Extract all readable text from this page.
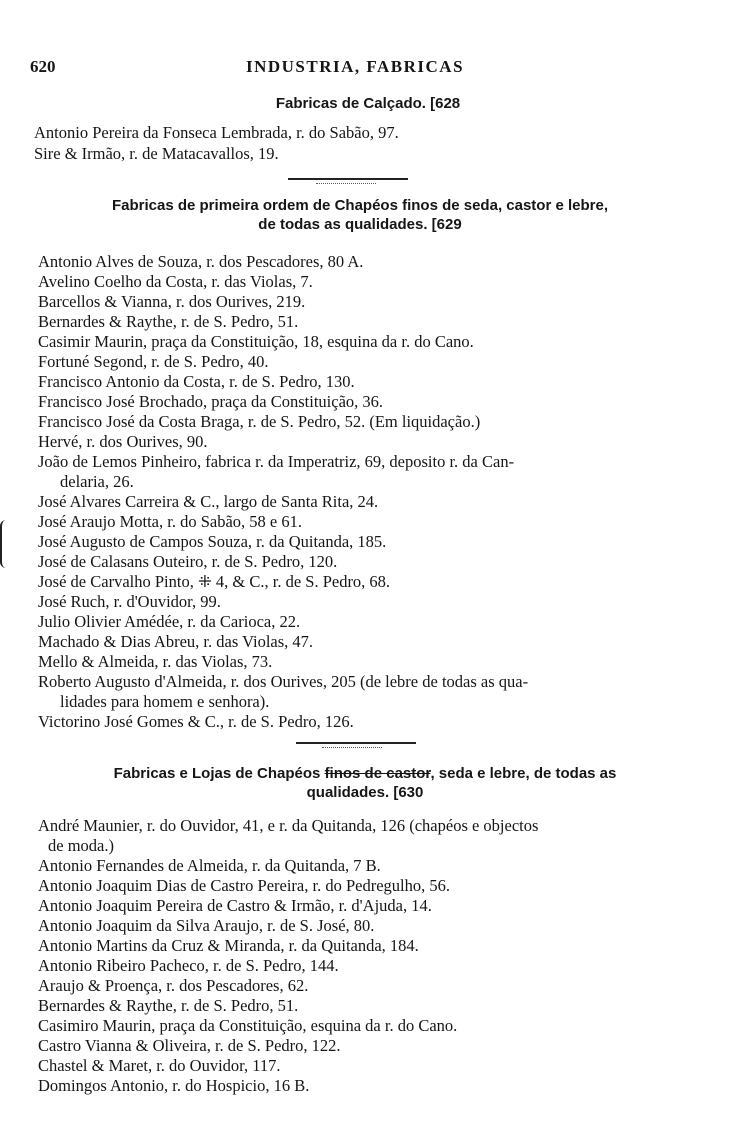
620	INDUSTRIA, FABRICAS
Fabricas de Calçado. [628
Antonio Pereira da Fonseca Lembrada, r. do Sabão, 97.
Sire & Irmão, r. de Matacavallos, 19.
Fabricas de primeira ordem de Chapéos finos de seda, castor e lebre,
de todas as qualidades. [629
Antonio Alves de Souza, r. dos Pescadores, 80 A.
Avelino Coelho da Costa, r. das Violas, 7.
Barcellos & Vianna, r. dos Ourives, 219.
Bernardes & Raythe, r. de S. Pedro, 51.
Casimir Maurin, praça da Constituição, 18, esquina da r. do Cano.
Fortuné Segond, r. de S. Pedro, 40.
Francisco Antonio da Costa, r. de S. Pedro, 130.
Francisco José Brochado, praça da Constituição, 36.
Francisco José da Costa Braga, r. de S. Pedro, 52. (Em liquidação.)
Hervé, r. dos Ourives, 90.
João de Lemos Pinheiro, fabrica r. da Imperatriz, 69, deposito r. da Can-
delaria, 26.
José Alvares Carreira & C., largo de Santa Rita, 24.
José Araujo Motta, r. do Sabão, 58 e 61.
José Augusto de Campos Souza, r. da Quitanda, 185.
José de Calasans Outeiro, r. de S. Pedro, 120.
José de Carvalho Pinto, ⁜ 4, & C., r. de S. Pedro, 68.
José Ruch, r. d'Ouvidor, 99.
Julio Olivier Amédée, r. da Carioca, 22.
Machado & Dias Abreu, r. das Violas, 47.
Mello & Almeida, r. das Violas, 73.
Roberto Augusto d'Almeida, r. dos Ourives, 205 (de lebre de todas as qua-
lidades para homem e senhora).
Victorino José Gomes & C., r. de S. Pedro, 126.
Fabricas e Lojas de Chapéos finos de castor, seda e lebre, de todas as
qualidades. [630
André Maunier, r. do Ouvidor, 41, e r. da Quitanda, 126 (chapéos e objectos
de moda.)
Antonio Fernandes de Almeida, r. da Quitanda, 7 B.
Antonio Joaquim Dias de Castro Pereira, r. do Pedregulho, 56.
Antonio Joaquim Pereira de Castro & Irmão, r. d'Ajuda, 14.
Antonio Joaquim da Silva Araujo, r. de S. José, 80.
Antonio Martins da Cruz & Miranda, r. da Quitanda, 184.
Antonio Ribeiro Pacheco, r. de S. Pedro, 144.
Araujo & Proença, r. dos Pescadores, 62.
Bernardes & Raythe, r. de S. Pedro, 51.
Casimiro Maurin, praça da Constituição, esquina da r. do Cano.
Castro Vianna & Oliveira, r. de S. Pedro, 122.
Chastel & Maret, r. do Ouvidor, 117.
Domingos Antonio, r. do Hospicio, 16 B.
